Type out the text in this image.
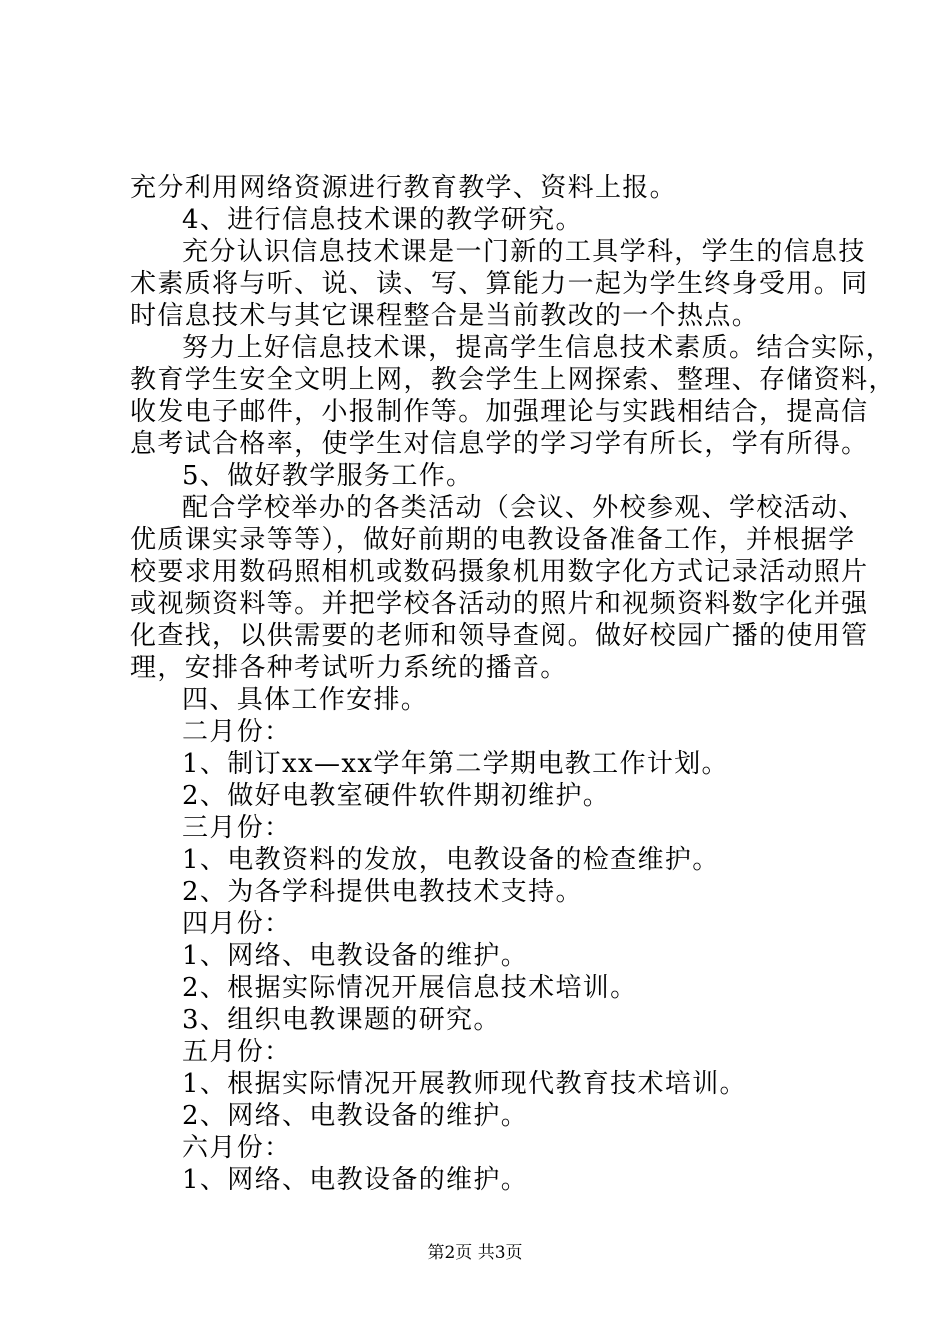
充分利用网络资源进行教育教学、资料上报。

4、进行信息技术课的教学研究。

充分认识信息技术课是一门新的工具学科，学生的信息技

术素质将与听、说、读、写、算能力一起为学生终身受用。同

时信息技术与其它课程整合是当前教改的一个热点。

努力上好信息技术课，提高学生信息技术素质。结合实际，

教育学生安全文明上网，教会学生上网探索、整理、存储资料，

收发电子邮件，小报制作等。加强理论与实践相结合，提高信

息考试合格率，使学生对信息学的学习学有所长，学有所得。

5、做好教学服务工作。

配合学校举办的各类活动（会议、外校参观、学校活动、

优质课实录等等），做好前期的电教设备准备工作，并根据学

校要求用数码照相机或数码摄象机用数字化方式记录活动照片

或视频资料等。并把学校各活动的照片和视频资料数字化并强

化查找，以供需要的老师和领导查阅。做好校园广播的使用管

理，安排各种考试听力系统的播音。

四、具体工作安排。

二月份：

1、制订xx—xx学年第二学期电教工作计划。

2、做好电教室硬件软件期初维护。

三月份：

1、电教资料的发放，电教设备的检查维护。

2、为各学科提供电教技术支持。

四月份：

1、网络、电教设备的维护。

2、根据实际情况开展信息技术培训。

3、组织电教课题的研究。

五月份：

1、根据实际情况开展教师现代教育技术培训。

2、网络、电教设备的维护。

六月份：

1、网络、电教设备的维护。

第2页 共3页
